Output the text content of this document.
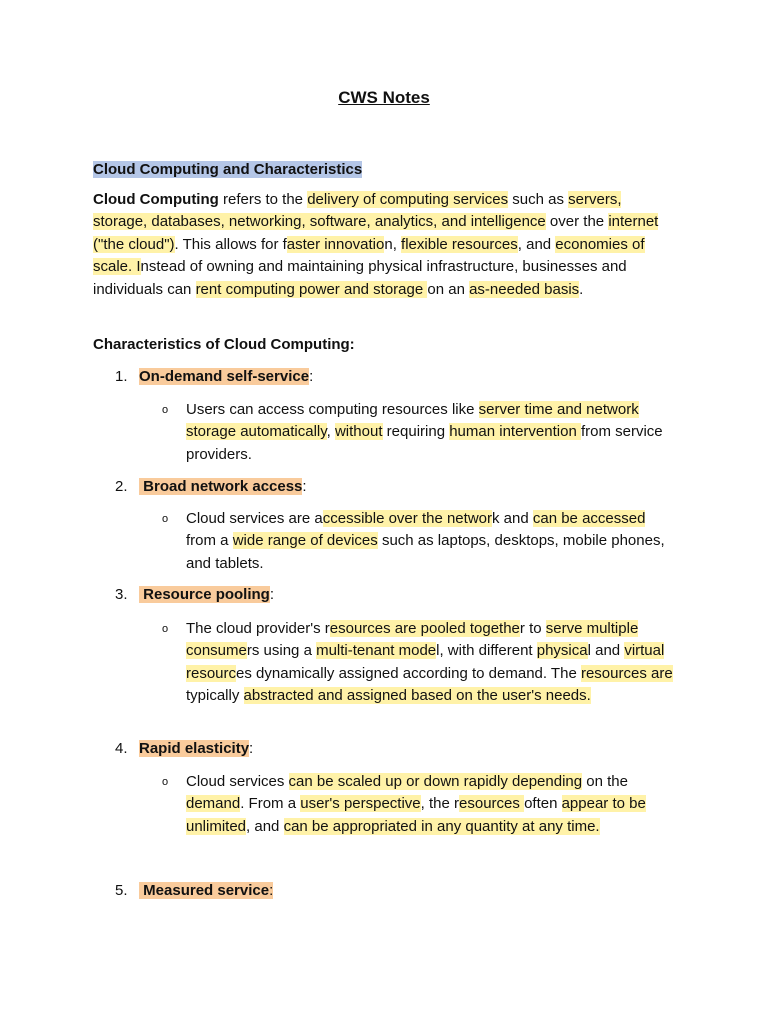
CWS Notes
Cloud Computing and Characteristics
Cloud Computing refers to the delivery of computing services such as servers, storage, databases, networking, software, analytics, and intelligence over the internet ("the cloud"). This allows for faster innovation, flexible resources, and economies of scale. Instead of owning and maintaining physical infrastructure, businesses and individuals can rent computing power and storage on an as-needed basis.
Characteristics of Cloud Computing:
1. On-demand self-service:
o Users can access computing resources like server time and network storage automatically, without requiring human intervention from service providers.
2. Broad network access:
o Cloud services are accessible over the network and can be accessed from a wide range of devices such as laptops, desktops, mobile phones, and tablets.
3. Resource pooling:
o The cloud provider's resources are pooled together to serve multiple consumers using a multi-tenant model, with different physical and virtual resources dynamically assigned according to demand. The resources are typically abstracted and assigned based on the user's needs.
4. Rapid elasticity:
o Cloud services can be scaled up or down rapidly depending on the demand. From a user's perspective, the resources often appear to be unlimited, and can be appropriated in any quantity at any time.
5. Measured service:
